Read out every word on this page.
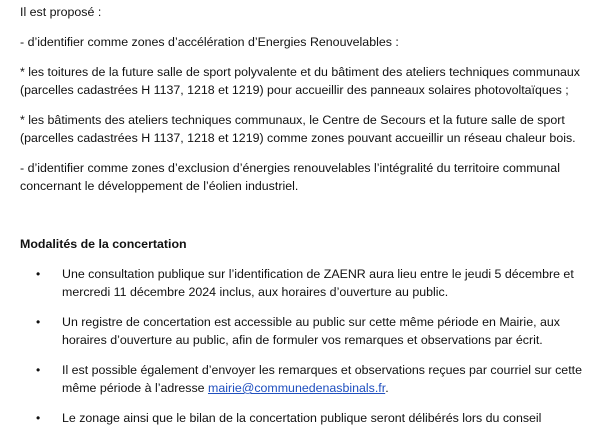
Il est proposé :

- d’identifier comme zones d’accélération d’Energies Renouvelables :

* les toitures de la future salle de sport polyvalente et du bâtiment des ateliers techniques communaux (parcelles cadastrées H 1137, 1218 et 1219) pour accueillir des panneaux solaires photovoltaïques ;

* les bâtiments des ateliers techniques communaux, le Centre de Secours et la future salle de sport (parcelles cadastrées H 1137, 1218 et 1219) comme zones pouvant accueillir un réseau chaleur bois.

- d’identifier comme zones d’exclusion d’énergies renouvelables l’intégralité du territoire communal concernant le développement de l’éolien industriel.

Modalités de la concertation

• Une consultation publique sur l’identification de ZAENR aura lieu entre le jeudi 5 décembre et mercredi 11 décembre 2024 inclus, aux horaires d’ouverture au public.
• Un registre de concertation est accessible au public sur cette même période en Mairie, aux horaires d’ouverture au public, afin de formuler vos remarques et observations par écrit.
• Il est possible également d’envoyer les remarques et observations reçues par courriel sur cette même période à l’adresse mairie@communedenasbinals.fr.
• Le zonage ainsi que le bilan de la concertation publique seront délibérés lors du conseil
